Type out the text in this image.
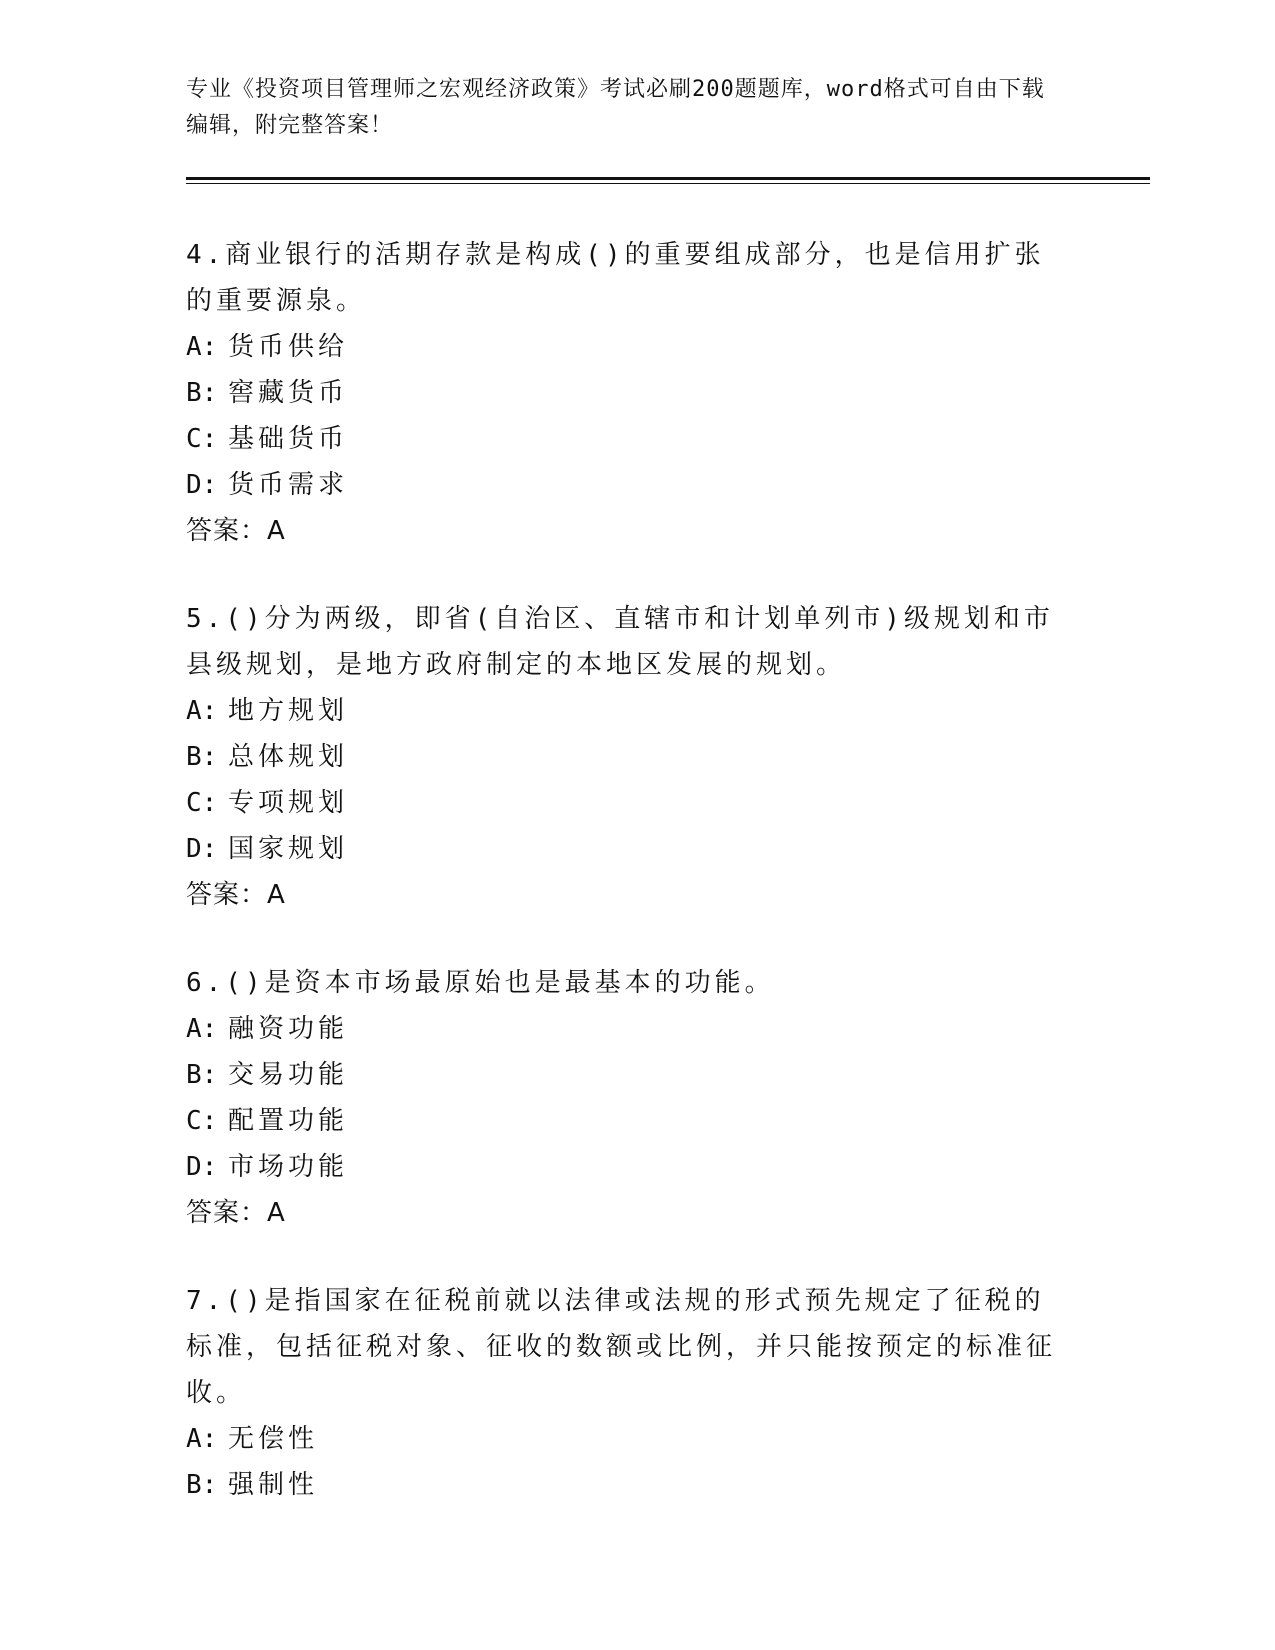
专业《投资项目管理师之宏观经济政策》考试必刷200题题库，word格式可自由下载编辑，附完整答案！
4.商业银行的活期存款是构成()的重要组成部分，也是信用扩张的重要源泉。
A: 货币供给
B: 窖藏货币
C: 基础货币
D: 货币需求
答案：A
5.()分为两级，即省(自治区、直辖市和计划单列市)级规划和市县级规划，是地方政府制定的本地区发展的规划。
A: 地方规划
B: 总体规划
C: 专项规划
D: 国家规划
答案：A
6.()是资本市场最原始也是最基本的功能。
A: 融资功能
B: 交易功能
C: 配置功能
D: 市场功能
答案：A
7.()是指国家在征税前就以法律或法规的形式预先规定了征税的标准，包括征税对象、征收的数额或比例，并只能按预定的标准征收。
A: 无偿性
B: 强制性
